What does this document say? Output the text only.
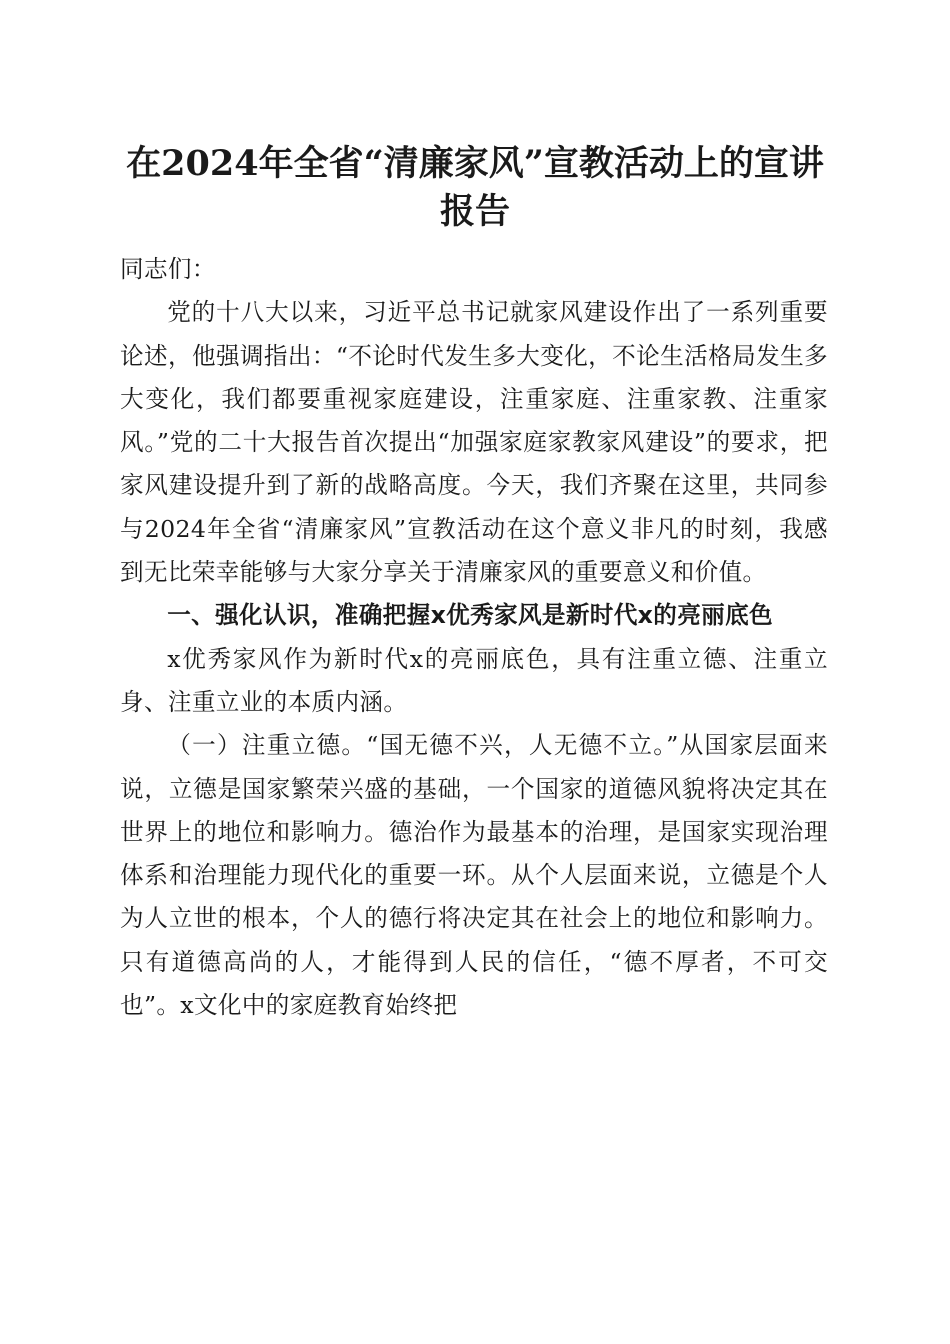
在2024年全省“清廉家风”宣教活动上的宣讲报告

同志们：

党的十八大以来，习近平总书记就家风建设作出了一系列重要论述，他强调指出：“不论时代发生多大变化，不论生活格局发生多大变化，我们都要重视家庭建设，注重家庭、注重家教、注重家风。”党的二十大报告首次提出“加强家庭家教家风建设”的要求，把家风建设提升到了新的战略高度。今天，我们齐聚在这里，共同参与2024年全省“清廉家风”宣教活动在这个意义非凡的时刻，我感到无比荣幸能够与大家分享关于清廉家风的重要意义和价值。

一、强化认识，准确把握x优秀家风是新时代x的亮丽底色

x优秀家风作为新时代x的亮丽底色，具有注重立德、注重立身、注重立业的本质内涵。

（一）注重立德。“国无德不兴，人无德不立。”从国家层面来说，立德是国家繁荣兴盛的基础，一个国家的道德风貌将决定其在世界上的地位和影响力。德治作为最基本的治理，是国家实现治理体系和治理能力现代化的重要一环。从个人层面来说，立德是个人为人立世的根本，个人的德行将决定其在社会上的地位和影响力。只有道德高尚的人，才能得到人民的信任，“德不厚者，不可交也”。x文化中的家庭教育始终把
